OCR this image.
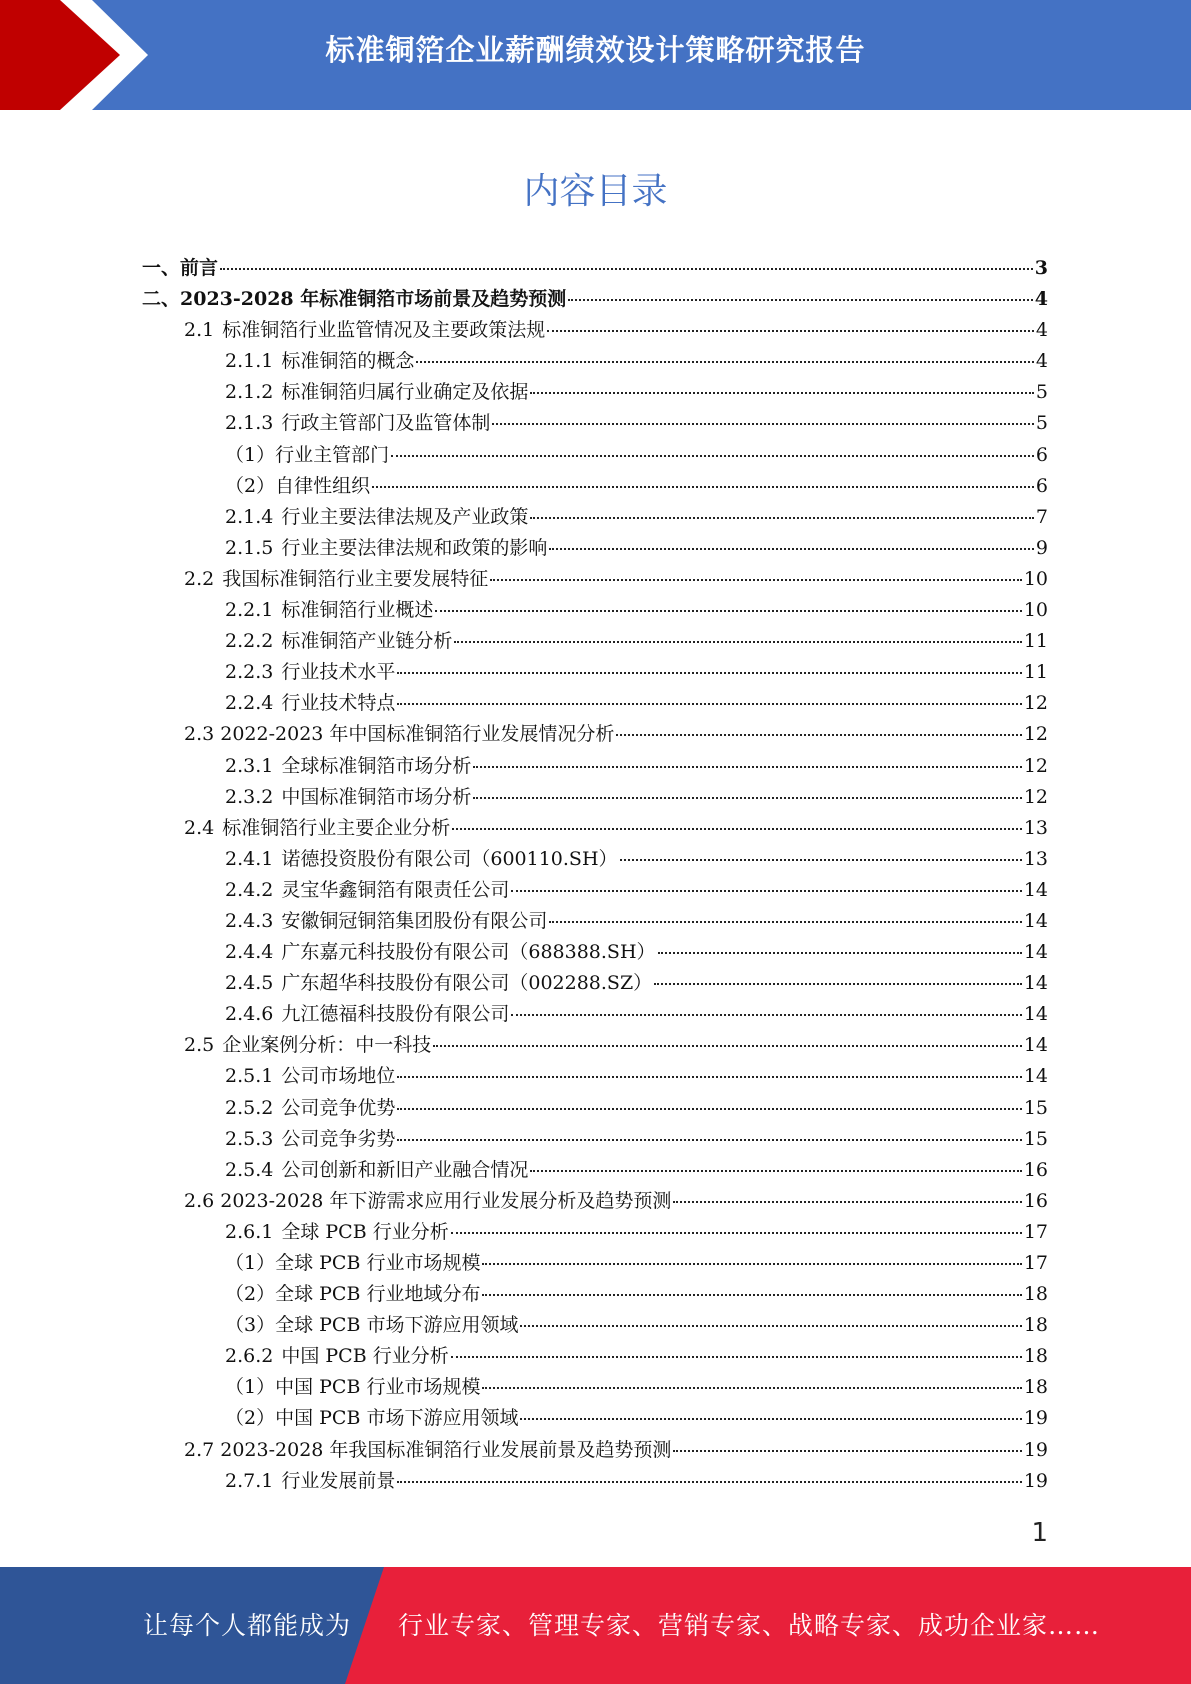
标准铜箔企业薪酬绩效设计策略研究报告
内容目录
一、前言	3
二、2023-2028 年标准铜箔市场前景及趋势预测	4
2.1 标准铜箔行业监管情况及主要政策法规	4
2.1.1 标准铜箔的概念	4
2.1.2 标准铜箔归属行业确定及依据	5
2.1.3 行政主管部门及监管体制	5
（1）行业主管部门	6
（2）自律性组织	6
2.1.4 行业主要法律法规及产业政策	7
2.1.5 行业主要法律法规和政策的影响	9
2.2 我国标准铜箔行业主要发展特征	10
2.2.1 标准铜箔行业概述	10
2.2.2 标准铜箔产业链分析	11
2.2.3 行业技术水平	11
2.2.4 行业技术特点	12
2.3 2022-2023 年中国标准铜箔行业发展情况分析	12
2.3.1 全球标准铜箔市场分析	12
2.3.2 中国标准铜箔市场分析	12
2.4 标准铜箔行业主要企业分析	13
2.4.1 诺德投资股份有限公司（600110.SH）	13
2.4.2 灵宝华鑫铜箔有限责任公司	14
2.4.3 安徽铜冠铜箔集团股份有限公司	14
2.4.4 广东嘉元科技股份有限公司（688388.SH）	14
2.4.5 广东超华科技股份有限公司（002288.SZ）	14
2.4.6 九江德福科技股份有限公司	14
2.5 企业案例分析：中一科技	14
2.5.1 公司市场地位	14
2.5.2 公司竞争优势	15
2.5.3 公司竞争劣势	15
2.5.4 公司创新和新旧产业融合情况	16
2.6 2023-2028 年下游需求应用行业发展分析及趋势预测	16
2.6.1 全球 PCB 行业分析	17
（1）全球 PCB 行业市场规模	17
（2）全球 PCB 行业地域分布	18
（3）全球 PCB 市场下游应用领域	18
2.6.2 中国 PCB 行业分析	18
（1）中国 PCB 行业市场规模	18
（2）中国 PCB 市场下游应用领域	19
2.7 2023-2028 年我国标准铜箔行业发展前景及趋势预测	19
2.7.1 行业发展前景	19
1
让每个人都能成为 行业专家、管理专家、营销专家、战略专家、成功企业家……
